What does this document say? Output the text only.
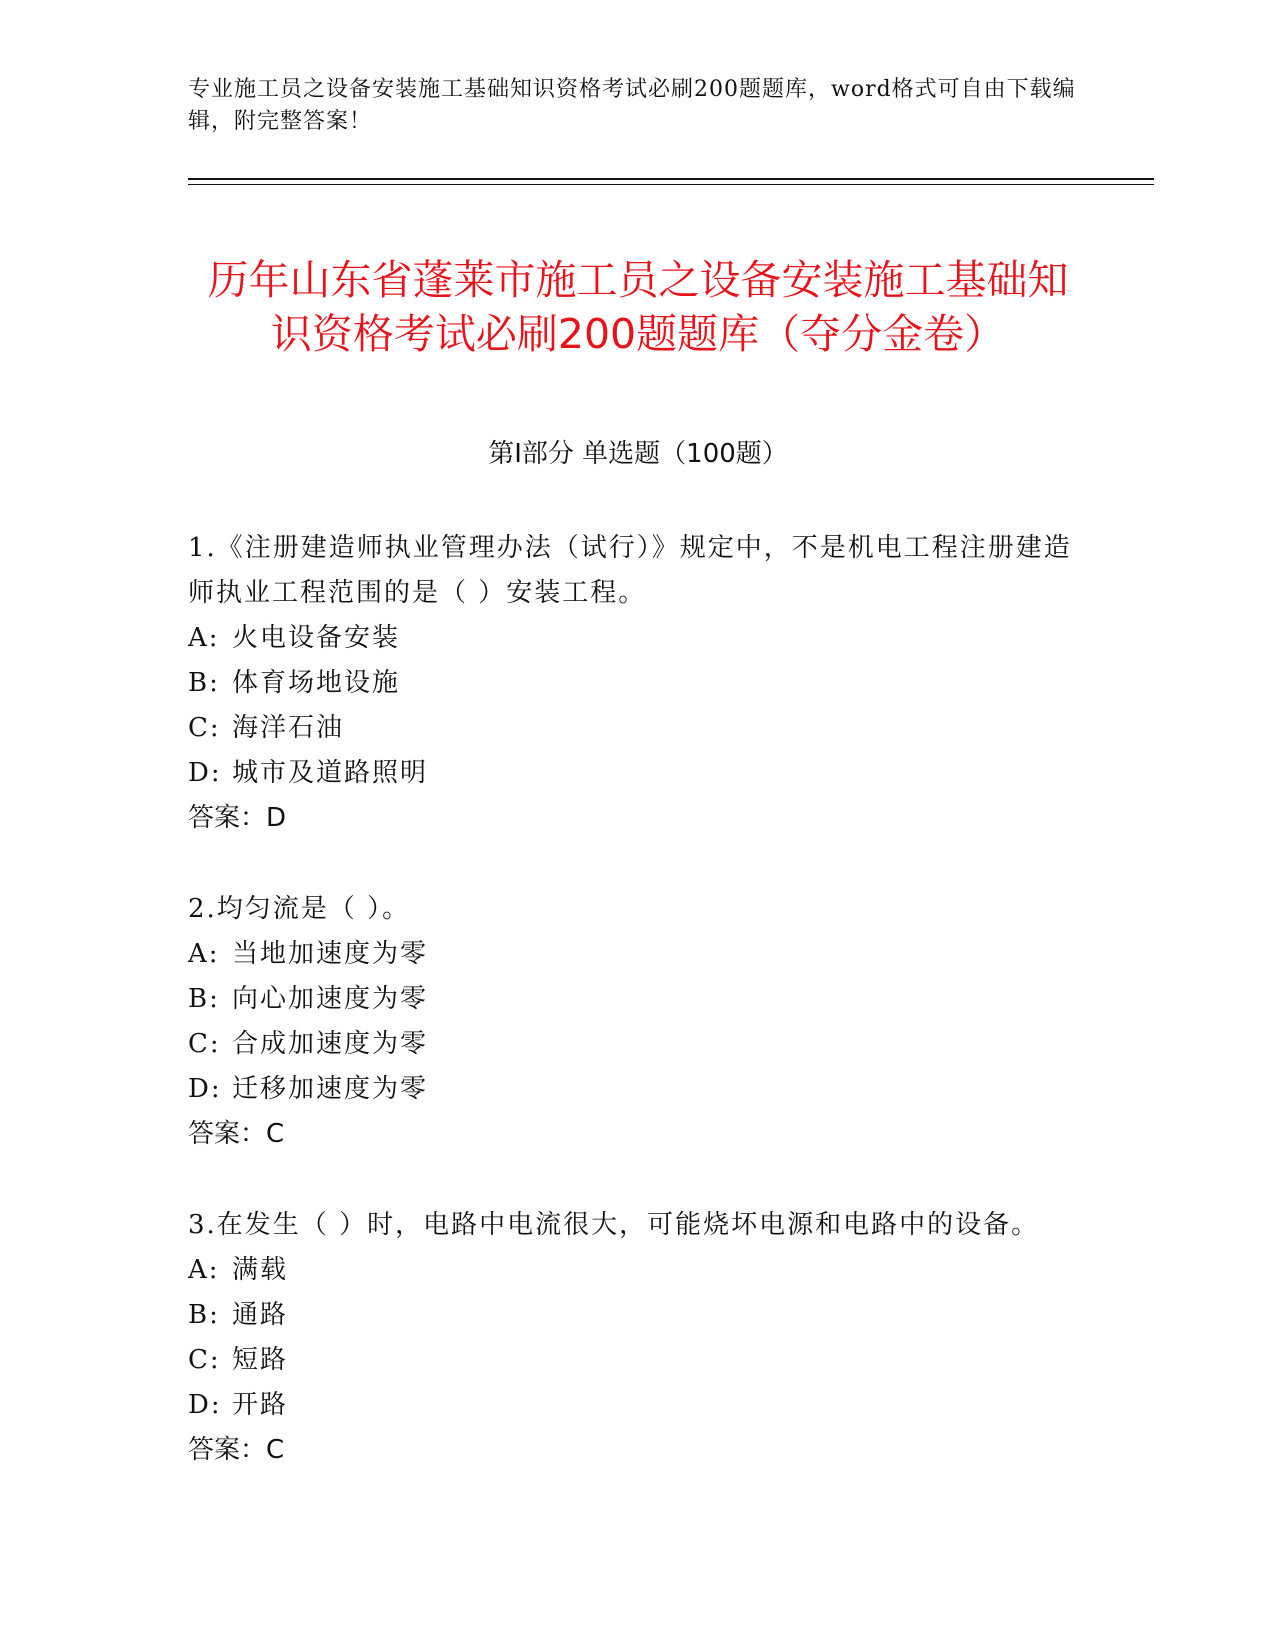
专业施工员之设备安装施工基础知识资格考试必刷200题题库，word格式可自由下载编辑，附完整答案！
历年山东省蓬莱市施工员之设备安装施工基础知识资格考试必刷200题题库（夺分金卷）
第Ⅰ部分 单选题（100题）
1.《注册建造师执业管理办法（试行）》规定中，不是机电工程注册建造师执业工程范围的是（ ）安装工程。
A: 火电设备安装
B: 体育场地设施
C: 海洋石油
D: 城市及道路照明
答案：D
2.均匀流是（ ）。
A: 当地加速度为零
B: 向心加速度为零
C: 合成加速度为零
D: 迁移加速度为零
答案：C
3.在发生（ ）时，电路中电流很大，可能烧坏电源和电路中的设备。
A: 满载
B: 通路
C: 短路
D: 开路
答案：C
